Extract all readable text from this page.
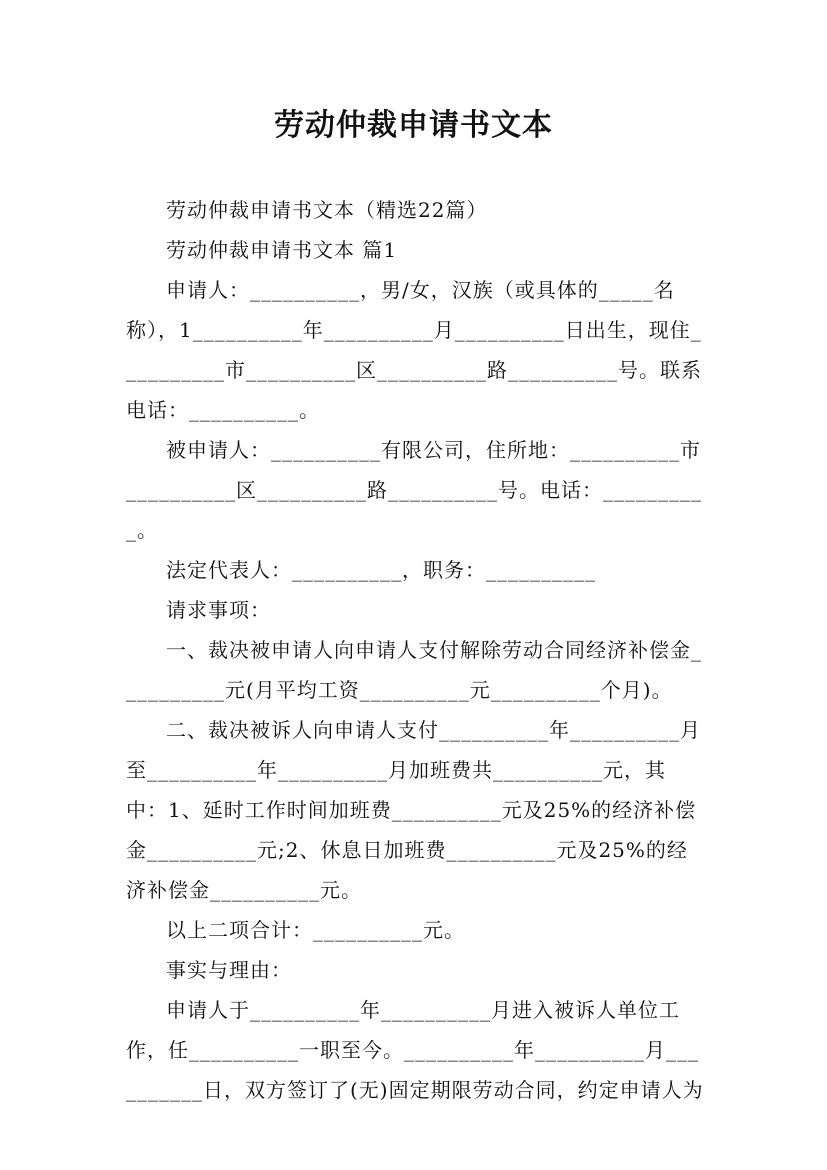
劳动仲裁申请书文本

劳动仲裁申请书文本（精选22篇）

劳动仲裁申请书文本 篇1

申请人：__________，男/女，汉族（或具体的_____名称），1__________年__________月__________日出生，现住__________市__________区__________路__________号。联系电话：__________。

被申请人：__________有限公司，住所地：__________市__________区__________路__________号。电话：__________。

法定代表人：__________，职务：__________

请求事项：

一、裁决被申请人向申请人支付解除劳动合同经济补偿金__________元(月平均工资__________元__________个月)。

二、裁决被诉人向申请人支付__________年__________月至__________年__________月加班费共__________元，其中：1、延时工作时间加班费__________元及25%的经济补偿金__________元;2、休息日加班费__________元及25%的经济补偿金__________元。

以上二项合计：__________元。

事实与理由：

申请人于__________年__________月进入被诉人单位工作，任__________一职至今。__________年__________月__________日，双方签订了(无)固定期限劳动合同，约定申请人为
